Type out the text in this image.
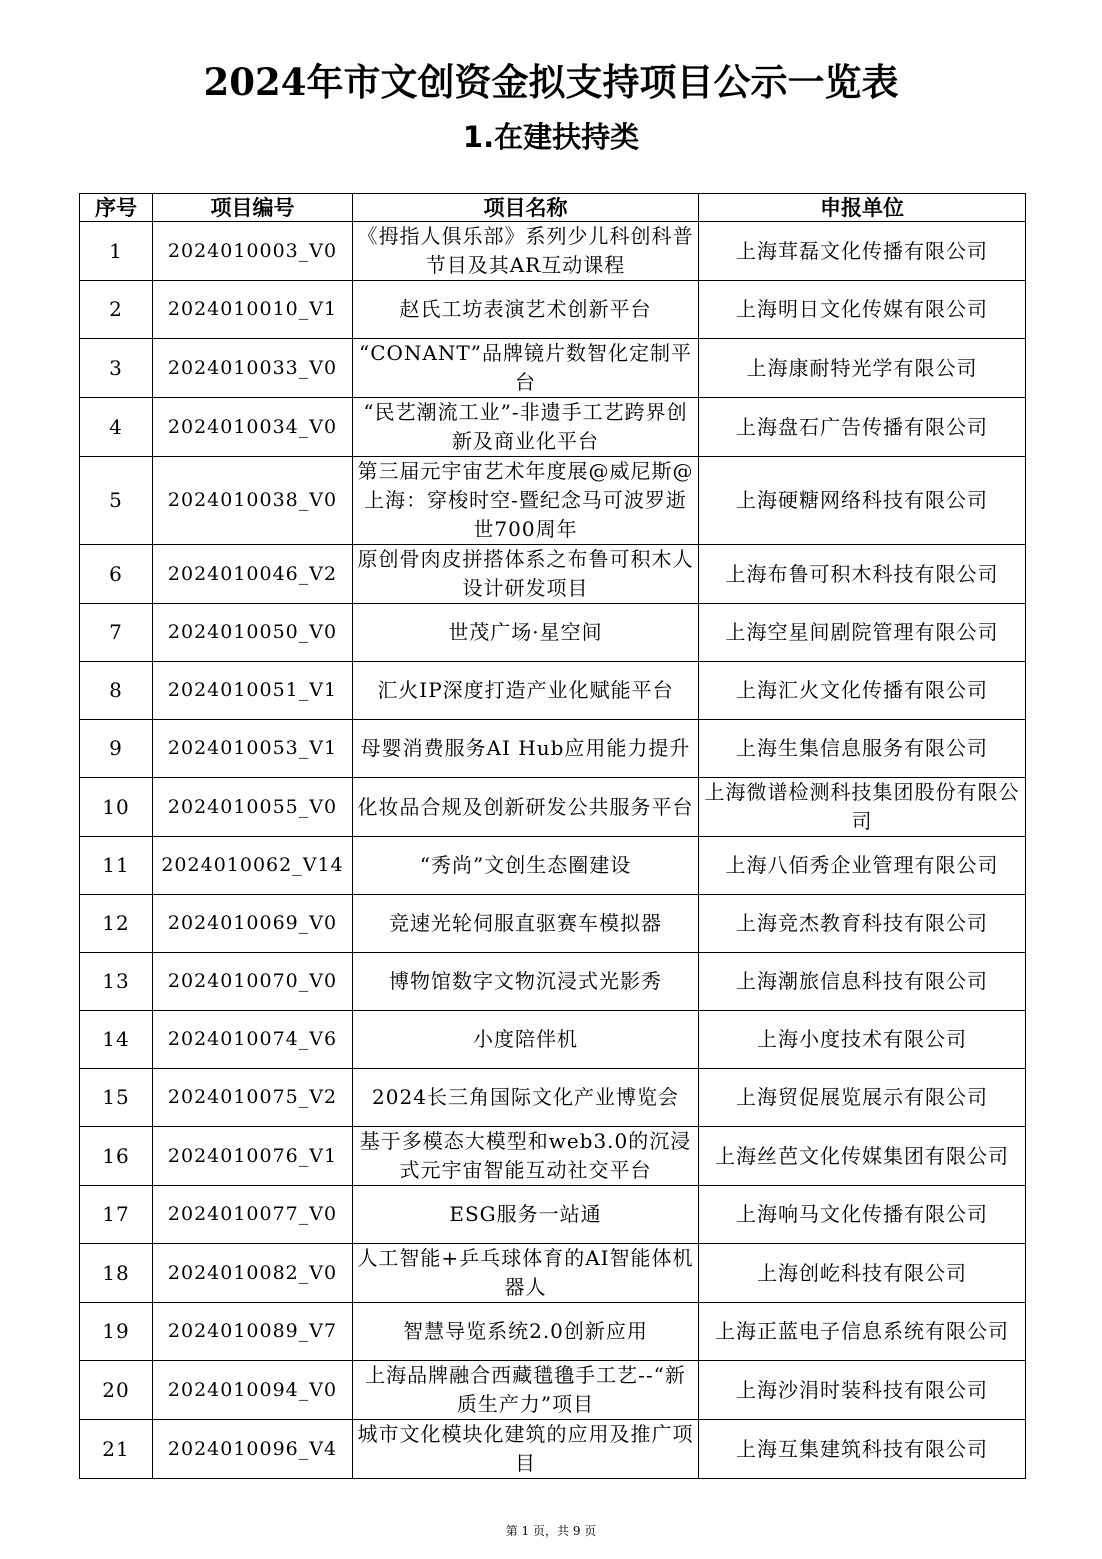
2024年市文创资金拟支持项目公示一览表
1.在建扶持类
序号	项目编号	项目名称	申报单位
1	2024010003_V0	《拇指人俱乐部》系列少儿科创科普节目及其AR互动课程	上海茸磊文化传播有限公司
2	2024010010_V1	赵氏工坊表演艺术创新平台	上海明日文化传媒有限公司
3	2024010033_V0	“CONANT”品牌镜片数智化定制平台	上海康耐特光学有限公司
4	2024010034_V0	“民艺潮流工业”-非遗手工艺跨界创新及商业化平台	上海盘石广告传播有限公司
5	2024010038_V0	第三届元宇宙艺术年度展@威尼斯@上海：穿梭时空-暨纪念马可波罗逝世700周年	上海硬糖网络科技有限公司
6	2024010046_V2	原创骨肉皮拼搭体系之布鲁可积木人设计研发项目	上海布鲁可积木科技有限公司
7	2024010050_V0	世茂广场·星空间	上海空星间剧院管理有限公司
8	2024010051_V1	汇火IP深度打造产业化赋能平台	上海汇火文化传播有限公司
9	2024010053_V1	母婴消费服务AI Hub应用能力提升	上海生集信息服务有限公司
10	2024010055_V0	化妆品合规及创新研发公共服务平台	上海微谱检测科技集团股份有限公司
11	2024010062_V14	“秀尚”文创生态圈建设	上海八佰秀企业管理有限公司
12	2024010069_V0	竞速光轮伺服直驱赛车模拟器	上海竞杰教育科技有限公司
13	2024010070_V0	博物馆数字文物沉浸式光影秀	上海潮旅信息科技有限公司
14	2024010074_V6	小度陪伴机	上海小度技术有限公司
15	2024010075_V2	2024长三角国际文化产业博览会	上海贸促展览展示有限公司
16	2024010076_V1	基于多模态大模型和web3.0的沉浸式元宇宙智能互动社交平台	上海丝芭文化传媒集团有限公司
17	2024010077_V0	ESG服务一站通	上海响马文化传播有限公司
18	2024010082_V0	人工智能+乒乓球体育的AI智能体机器人	上海创屹科技有限公司
19	2024010089_V7	智慧导览系统2.0创新应用	上海正蓝电子信息系统有限公司
20	2024010094_V0	上海品牌融合西藏氆氇手工艺--“新质生产力”项目	上海沙涓时装科技有限公司
21	2024010096_V4	城市文化模块化建筑的应用及推广项目	上海互集建筑科技有限公司
第 1 页，共 9 页
